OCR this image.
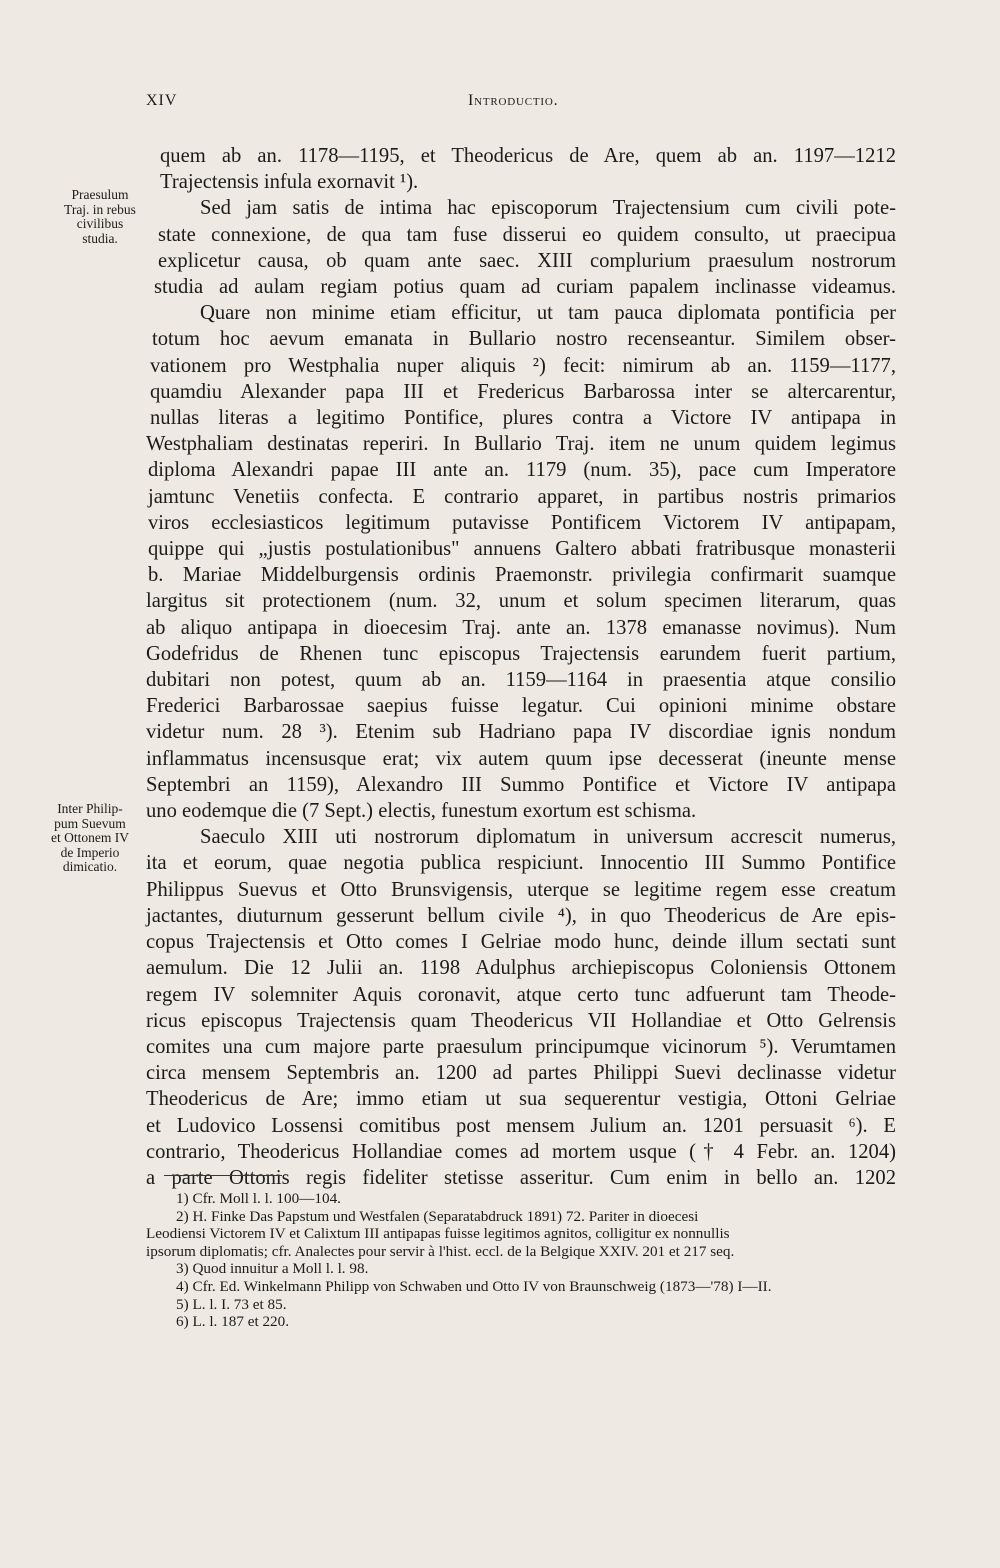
XIV	Introductio.
Praesulum
Traj. in rebus
civilibus
studia.
Inter Philip-
pum Suevum
et Ottonem IV
de Imperio
dimicatio.
quem ab an. 1178—1195, et Theodericus de Are, quem ab an. 1197—1212
Trajectensis infula exornavit ¹).
Sed jam satis de intima hac episcoporum Trajectensium cum civili pote-
state connexione, de qua tam fuse disserui eo quidem consulto, ut praecipua
explicetur causa, ob quam ante saec. XIII complurium praesulum nostrorum
studia ad aulam regiam potius quam ad curiam papalem inclinasse videamus.
Quare non minime etiam efficitur, ut tam pauca diplomata pontificia per
totum hoc aevum emanata in Bullario nostro recenseantur. Similem obser-
vationem pro Westphalia nuper aliquis ²) fecit: nimirum ab an. 1159—1177,
quamdiu Alexander papa III et Fredericus Barbarossa inter se altercarentur,
nullas literas a legitimo Pontifice, plures contra a Victore IV antipapa in
Westphaliam destinatas reperiri. In Bullario Traj. item ne unum quidem legimus
diploma Alexandri papae III ante an. 1179 (num. 35), pace cum Imperatore
jamtunc Venetiis confecta. E contrario apparet, in partibus nostris primarios
viros ecclesiasticos legitimum putavisse Pontificem Victorem IV antipapam,
quippe qui „justis postulationibus" annuens Galtero abbati fratribusque monasterii
b. Mariae Middelburgensis ordinis Praemonstr. privilegia confirmarit suamque
largitus sit protectionem (num. 32, unum et solum specimen literarum, quas
ab aliquo antipapa in dioecesim Traj. ante an. 1378 emanasse novimus). Num
Godefridus de Rhenen tunc episcopus Trajectensis earundem fuerit partium,
dubitari non potest, quum ab an. 1159—1164 in praesentia atque consilio
Frederici Barbarossae saepius fuisse legatur. Cui opinioni minime obstare
videtur num. 28 ³). Etenim sub Hadriano papa IV discordiae ignis nondum
inflammatus incensusque erat; vix autem quum ipse decesserat (ineunte mense
Septembri an 1159), Alexandro III Summo Pontifice et Victore IV antipapa
uno eodemque die (7 Sept.) electis, funestum exortum est schisma.
Saeculo XIII uti nostrorum diplomatum in universum accrescit numerus,
ita et eorum, quae negotia publica respiciunt. Innocentio III Summo Pontifice
Philippus Suevus et Otto Brunsvigensis, uterque se legitime regem esse creatum
jactantes, diuturnum gesserunt bellum civile ⁴), in quo Theodericus de Are epis-
copus Trajectensis et Otto comes I Gelriae modo hunc, deinde illum sectati sunt
aemulum. Die 12 Julii an. 1198 Adulphus archiepiscopus Coloniensis Ottonem
regem IV solemniter Aquis coronavit, atque certo tunc adfuerunt tam Theode-
ricus episcopus Trajectensis quam Theodericus VII Hollandiae et Otto Gelrensis
comites una cum majore parte praesulum principumque vicinorum ⁵). Verumtamen
circa mensem Septembris an. 1200 ad partes Philippi Suevi declinasse videtur
Theodericus de Are; immo etiam ut sua sequerentur vestigia, Ottoni Gelriae
et Ludovico Lossensi comitibus post mensem Julium an. 1201 persuasit ⁶). E
contrario, Theodericus Hollandiae comes ad mortem usque († 4 Febr. an. 1204)
a parte Ottonis regis fideliter stetisse asseritur. Cum enim in bello an. 1202
1) Cfr. Moll l. l. 100—104.
2) H. Finke Das Papstum und Westfalen (Separatabdruck 1891) 72. Pariter in dioecesi
Leodiensi Victorem IV et Calixtum III antipapas fuisse legitimos agnitos, colligitur ex nonnullis
ipsorum diplomatis; cfr. Analectes pour servir à l'hist. eccl. de la Belgique XXIV. 201 et 217 seq.
3) Quod innuitur a Moll l. l. 98.
4) Cfr. Ed. Winkelmann Philipp von Schwaben und Otto IV von Braunschweig (1873—'78) I—II.
5) L. l. I. 73 et 85.
6) L. l. 187 et 220.
